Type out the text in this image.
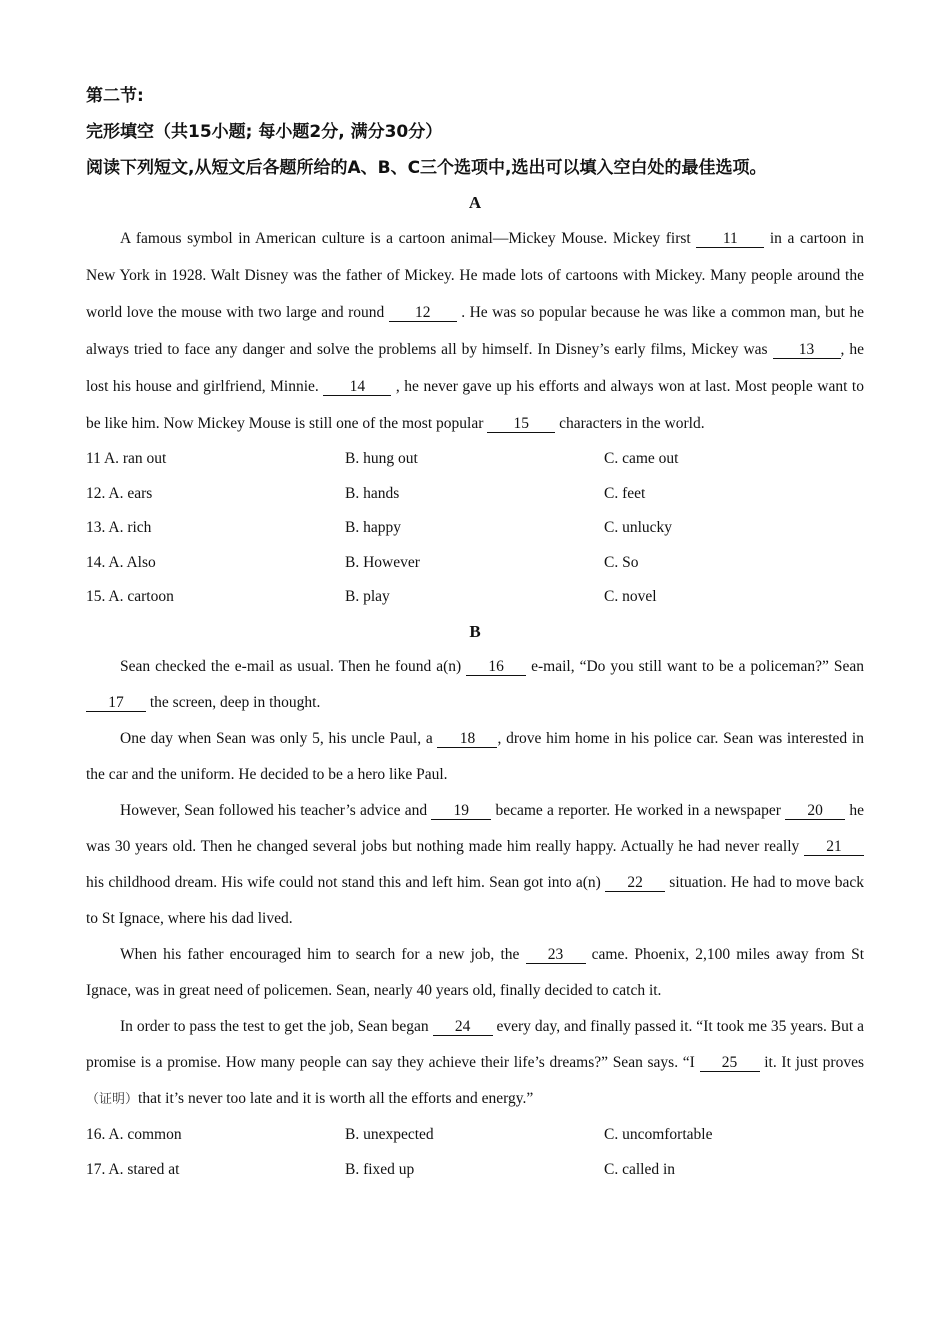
第二节:
完形填空（共15小题; 每小题2分, 满分30分）
阅读下列短文,从短文后各题所给的A、B、C三个选项中,选出可以填入空白处的最佳选项。
A
A famous symbol in American culture is a cartoon animal—Mickey Mouse. Mickey first 11 in a cartoon in New York in 1928. Walt Disney was the father of Mickey. He made lots of cartoons with Mickey. Many people around the world love the mouse with two large and round 12 . He was so popular because he was like a common man, but he always tried to face any danger and solve the problems all by himself. In Disney’s early films, Mickey was 13 , he lost his house and girlfriend, Minnie. 14 , he never gave up his efforts and always won at last. Most people want to be like him. Now Mickey Mouse is still one of the most popular 15 characters in the world.
11 A. ran out	B. hung out	C. came out
12. A. ears	B. hands	C. feet
13. A. rich	B. happy	C. unlucky
14. A. Also	B. However	C. So
15. A. cartoon	B. play	C. novel
B
Sean checked the e-mail as usual. Then he found a(n) 16 e-mail, “Do you still want to be a policeman?” Sean 17 the screen, deep in thought.
One day when Sean was only 5, his uncle Paul, a 18 , drove him home in his police car. Sean was interested in the car and the uniform. He decided to be a hero like Paul.
However, Sean followed his teacher’s advice and 19 became a reporter. He worked in a newspaper 20 he was 30 years old. Then he changed several jobs but nothing made him really happy. Actually he had never really 21 his childhood dream. His wife could not stand this and left him. Sean got into a(n) 22 situation. He had to move back to St Ignace, where his dad lived.
When his father encouraged him to search for a new job, the 23 came. Phoenix, 2,100 miles away from St Ignace, was in great need of policemen. Sean, nearly 40 years old, finally decided to catch it.
In order to pass the test to get the job, Sean began 24 every day, and finally passed it. “It took me 35 years. But a promise is a promise. How many people can say they achieve their life’s dreams?” Sean says. “I 25 it. It just proves（证明）that it’s never too late and it is worth all the efforts and energy.”
16. A. common	B. unexpected	C. uncomfortable
17. A. stared at	B. fixed up	C. called in
